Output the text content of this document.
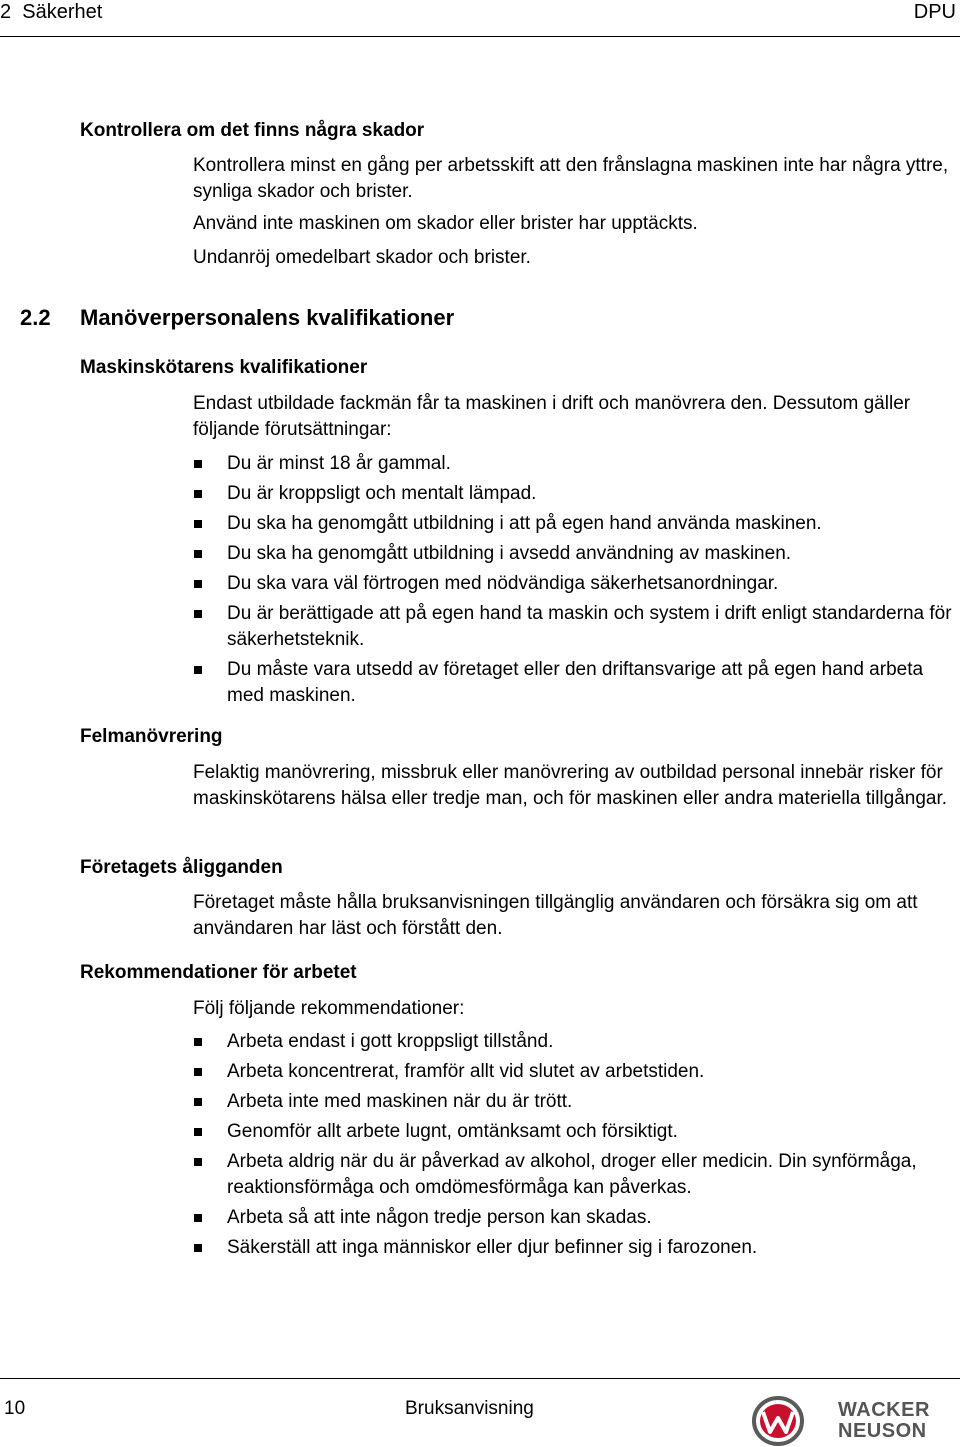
2  Säkerhet	DPU
Kontrollera om det finns några skador
Kontrollera minst en gång per arbetsskift att den frånslagna maskinen inte har några yttre, synliga skador och brister.
Använd inte maskinen om skador eller brister har upptäckts.
Undanröj omedelbart skador och brister.
2.2 Manöverpersonalens kvalifikationer
Maskinskötarens kvalifikationer
Endast utbildade fackmän får ta maskinen i drift och manövrera den. Dessutom gäller följande förutsättningar:
Du är minst 18 år gammal.
Du är kroppsligt och mentalt lämpad.
Du ska ha genomgått utbildning i att på egen hand använda maskinen.
Du ska ha genomgått utbildning i avsedd användning av maskinen.
Du ska vara väl förtrogen med nödvändiga säkerhetsanordningar.
Du är berättigade att på egen hand ta maskin och system i drift enligt standarderna för säkerhetsteknik.
Du måste vara utsedd av företaget eller den driftansvarige att på egen hand arbeta med maskinen.
Felmanövrering
Felaktig manövrering, missbruk eller manövrering av outbildad personal innebär risker för maskinskötarens hälsa eller tredje man, och för maskinen eller andra materiella tillgångar.
Företagets åligganden
Företaget måste hålla bruksanvisningen tillgänglig användaren och försäkra sig om att användaren har läst och förstått den.
Rekommendationer för arbetet
Följ följande rekommendationer:
Arbeta endast i gott kroppsligt tillstånd.
Arbeta koncentrerat, framför allt vid slutet av arbetstiden.
Arbeta inte med maskinen när du är trött.
Genomför allt arbete lugnt, omtänksamt och försiktigt.
Arbeta aldrig när du är påverkad av alkohol, droger eller medicin. Din synförmåga, reaktionsförmåga och omdömesförmåga kan påverkas.
Arbeta så att inte någon tredje person kan skadas.
Säkerställ att inga människor eller djur befinner sig i farozonen.
10	Bruksanvisning	WACKER
NEUSON
